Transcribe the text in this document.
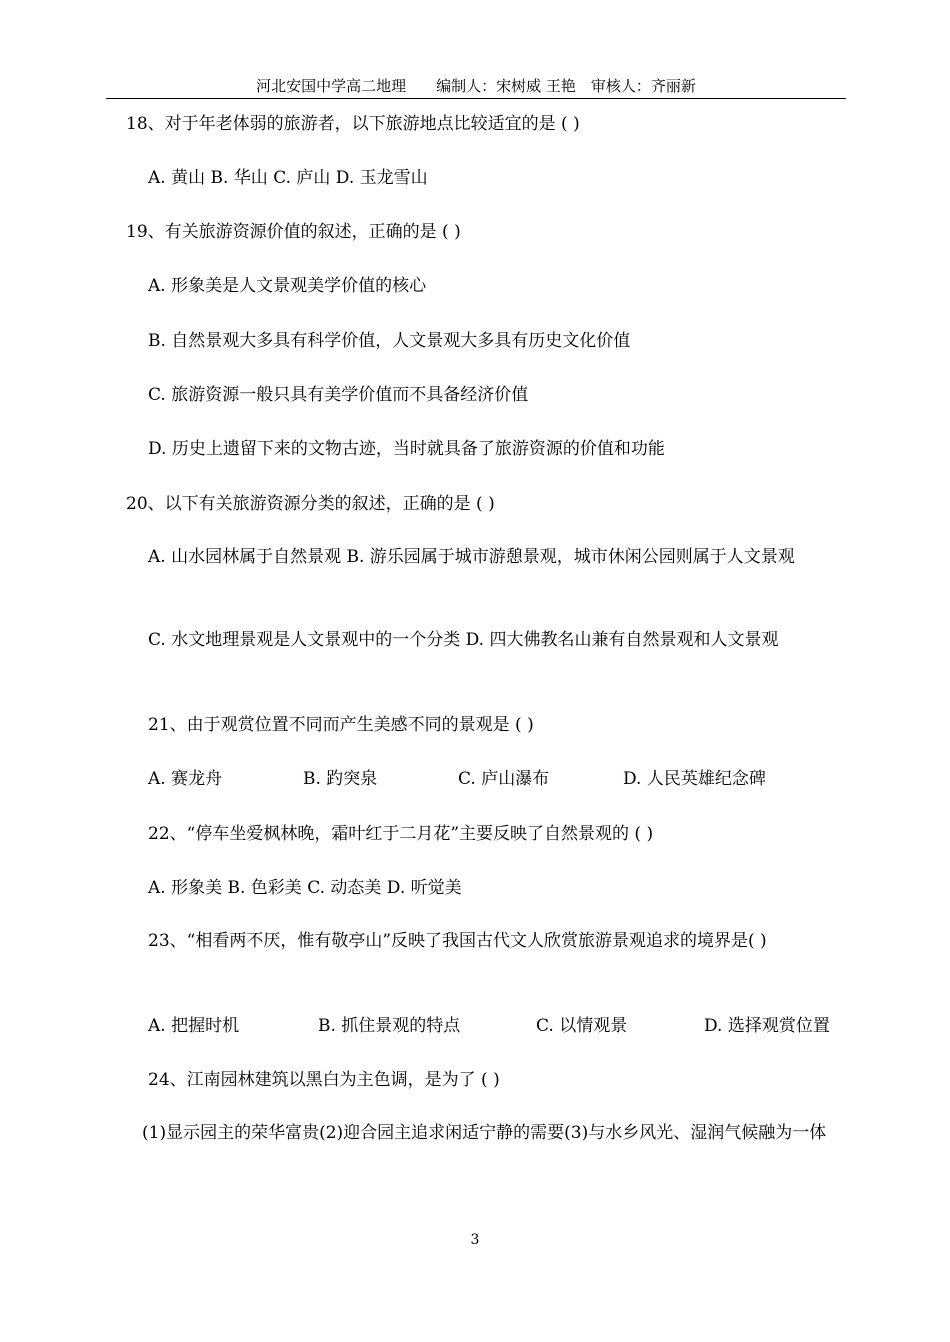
河北安国中学高二地理　　编制人：宋树威 王艳　审核人：齐丽新
18、对于年老体弱的旅游者，以下旅游地点比较适宜的是 ( )
A. 黄山 B. 华山 C. 庐山 D. 玉龙雪山
19、有关旅游资源价值的叙述，正确的是 ( )
A. 形象美是人文景观美学价值的核心
B. 自然景观大多具有科学价值，人文景观大多具有历史文化价值
C. 旅游资源一般只具有美学价值而不具备经济价值
D. 历史上遗留下来的文物古迹，当时就具备了旅游资源的价值和功能
20、以下有关旅游资源分类的叙述，正确的是 ( )
A. 山水园林属于自然景观 B. 游乐园属于城市游憩景观，城市休闲公园则属于人文景观
C. 水文地理景观是人文景观中的一个分类 D. 四大佛教名山兼有自然景观和人文景观
21、由于观赏位置不同而产生美感不同的景观是 ( )
A. 赛龙舟	B. 趵突泉	C. 庐山瀑布	D. 人民英雄纪念碑
22、“停车坐爱枫林晚，霜叶红于二月花”主要反映了自然景观的 ( )
A. 形象美 B. 色彩美 C. 动态美 D. 听觉美
23、“相看两不厌，惟有敬亭山”反映了我国古代文人欣赏旅游景观追求的境界是( )
A. 把握时机	B. 抓住景观的特点	C. 以情观景	D. 选择观赏位置
24、江南园林建筑以黑白为主色调，是为了 ( )
(1)显示园主的荣华富贵(2)迎合园主追求闲适宁静的需要(3)与水乡风光、湿润气候融为一体
3
